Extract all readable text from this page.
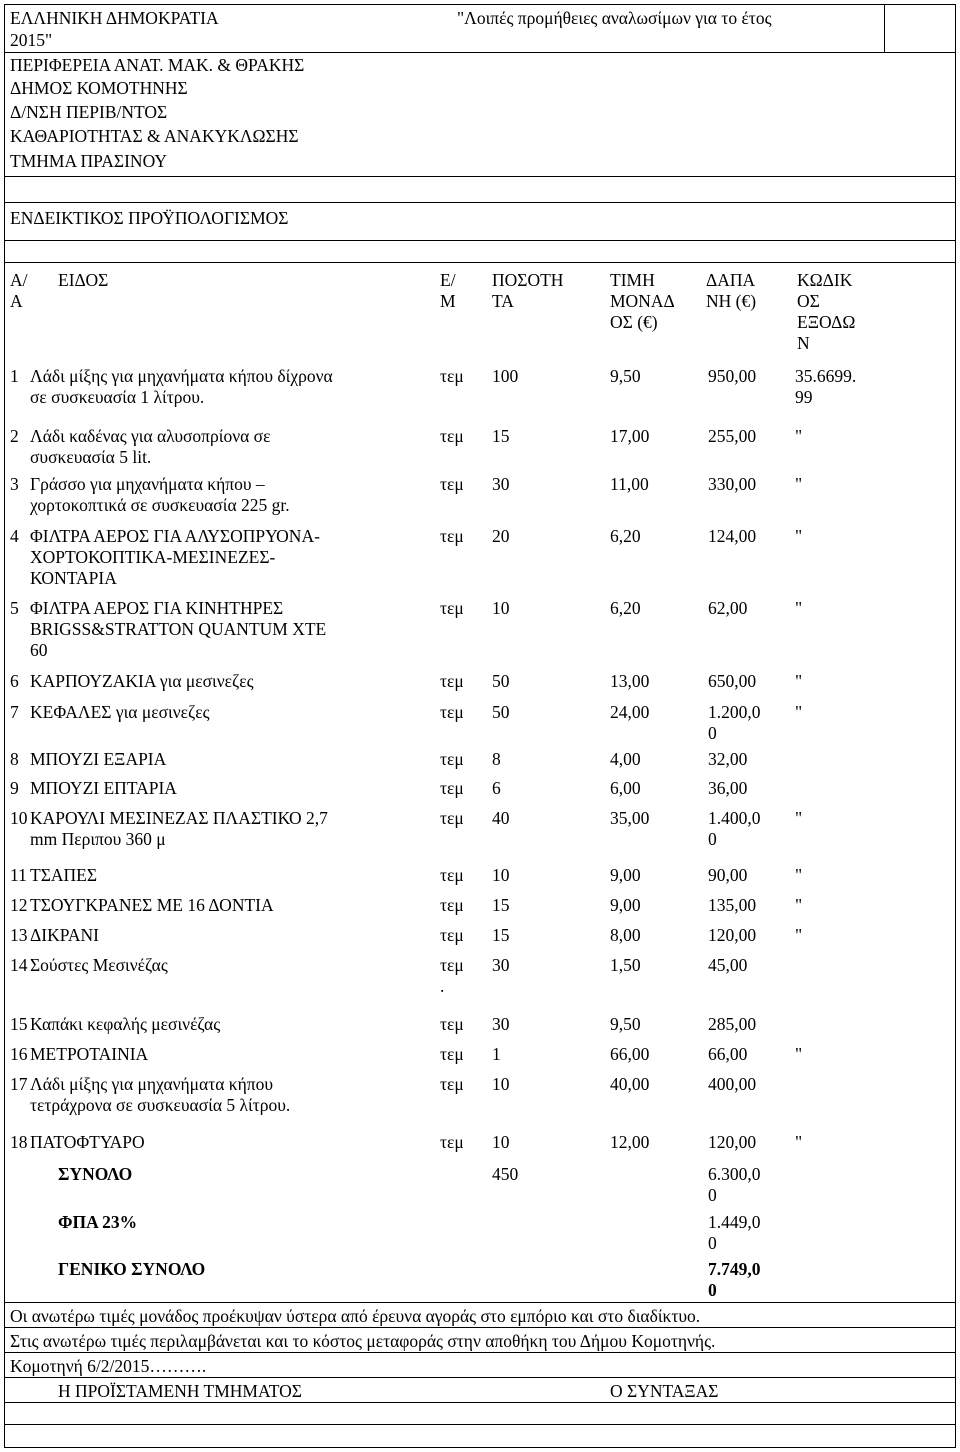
ΕΛΛΗΝΙΚΗ ΔΗΜΟΚΡΑΤΙΑ
2015"
ΠΕΡΙΦΕΡΕΙΑ ΑΝΑΤ. ΜΑΚ. & ΘΡΑΚΗΣ
ΔΗΜΟΣ ΚΟΜΟΤΗΝΗΣ
Δ/ΝΣΗ ΠΕΡΙΒ/ΝΤΟΣ
ΚΑΘΑΡΙΟΤΗΤΑΣ & ΑΝΑΚΥΚΛΩΣΗΣ
ΤΜΗΜΑ ΠΡΑΣΙΝΟΥ
"Λοιπές προμήθειες αναλωσίμων για το έτος
ΕΝΔΕΙΚΤΙΚΟΣ ΠΡΟΫΠΟΛΟΓΙΣΜΟΣ
Α/
Α
ΕΙΔΟΣ	Ε/
Μ
ΠΟΣΟΤΗ
ΤΑ
ΤΙΜΗ
ΜΟΝΑΔ
ΟΣ (€)
ΔΑΠΑ
ΝΗ (€)
ΚΩΔΙΚ
ΟΣ
ΕΞΟΔΩ
Ν
1 Λάδι μίξης για μηχανήματα κήπου δίχρονα
σε συσκευασία 1 λίτρου.
τεμ 100	9,50	950,00 35.6699.
99
2 Λάδι καδένας για αλυσοπρίονα σε
συσκευασία 5 lit.
τεμ 15	17,00	255,00 "
3 Γράσσο για μηχανήματα κήπου –
χορτοκοπτικά σε συσκευασία 225 gr.
τεμ 30	11,00	330,00 "
4 ΦΙΛΤΡΑ ΑΕΡΟΣ ΓΙΑ ΑΛΥΣΟΠΡΥΟΝΑ-
ΧΟΡΤΟΚΟΠΤΙΚΑ-ΜΕΣΙΝΕΖΕΣ-
ΚΟΝΤΑΡΙΑ
τεμ 20	6,20	124,00 "
5 ΦΙΛΤΡΑ ΑΕΡΟΣ ΓΙΑ ΚΙΝΗΤΗΡΕΣ
BRIGSS&STRATTON QUANTUM XTE
60
τεμ 10	6,20	62,00	"
6 ΚΑΡΠΟΥΖΑΚΙΑ για μεσινεζες	τεμ 50	13,00	650,00 "
7 ΚΕΦΑΛΕΣ για μεσινεζες	τεμ 50	24,00	1.200,0
0
"
8 ΜΠΟΥΖΙ ΕΞΑΡΙΑ	τεμ 8	4,00	32,00
9 ΜΠΟΥΖΙ ΕΠΤΑΡΙΑ	τεμ 6	6,00	36,00
10 ΚΑΡΟΥΛΙ ΜΕΣΙΝΕΖΑΣ ΠΛΑΣΤΙΚΟ 2,7
mm Περιπου 360 μ
τεμ 40	35,00	1.400,0
0
"
11 ΤΣΑΠΕΣ	τεμ 10	9,00	90,00	"
12 ΤΣΟΥΓΚΡΑΝΕΣ ΜΕ 16 ΔΟΝΤΙΑ	τεμ 15	9,00	135,00 "
13 ΔΙΚΡΑΝΙ	τεμ 15	8,00	120,00 "
14 Σούστες Μεσινέζας	τεμ
.
30	1,50	45,00
15 Καπάκι κεφαλής μεσινέζας	τεμ 30	9,50	285,00
16 ΜΕΤΡΟΤΑΙΝΙΑ	τεμ 1	66,00	66,00	"
17 Λάδι μίξης για μηχανήματα κήπου
τετράχρονα σε συσκευασία 5 λίτρου.
τεμ 10	40,00	400,00
18 ΠΑΤΟΦΤΥΑΡΟ	τεμ 10	12,00	120,00 "
ΣΥΝΟΛΟ	450	6.300,0
0
ΦΠΑ 23%	1.449,0
0
ΓΕΝΙΚΟ ΣΥΝΟΛΟ	7.749,0
0
Οι ανωτέρω τιμές μονάδος προέκυψαν ύστερα από έρευνα αγοράς στο εμπόριο και στο διαδίκτυο.
Στις ανωτέρω τιμές περιλαμβάνεται και το κόστος μεταφοράς στην αποθήκη του Δήμου Κομοτηνής.
Κομοτηνή 6/2/2015……….
Η ΠΡΟΪΣΤΑΜΕΝΗ ΤΜΗΜΑΤΟΣ	Ο ΣΥΝΤΑΞΑΣ
